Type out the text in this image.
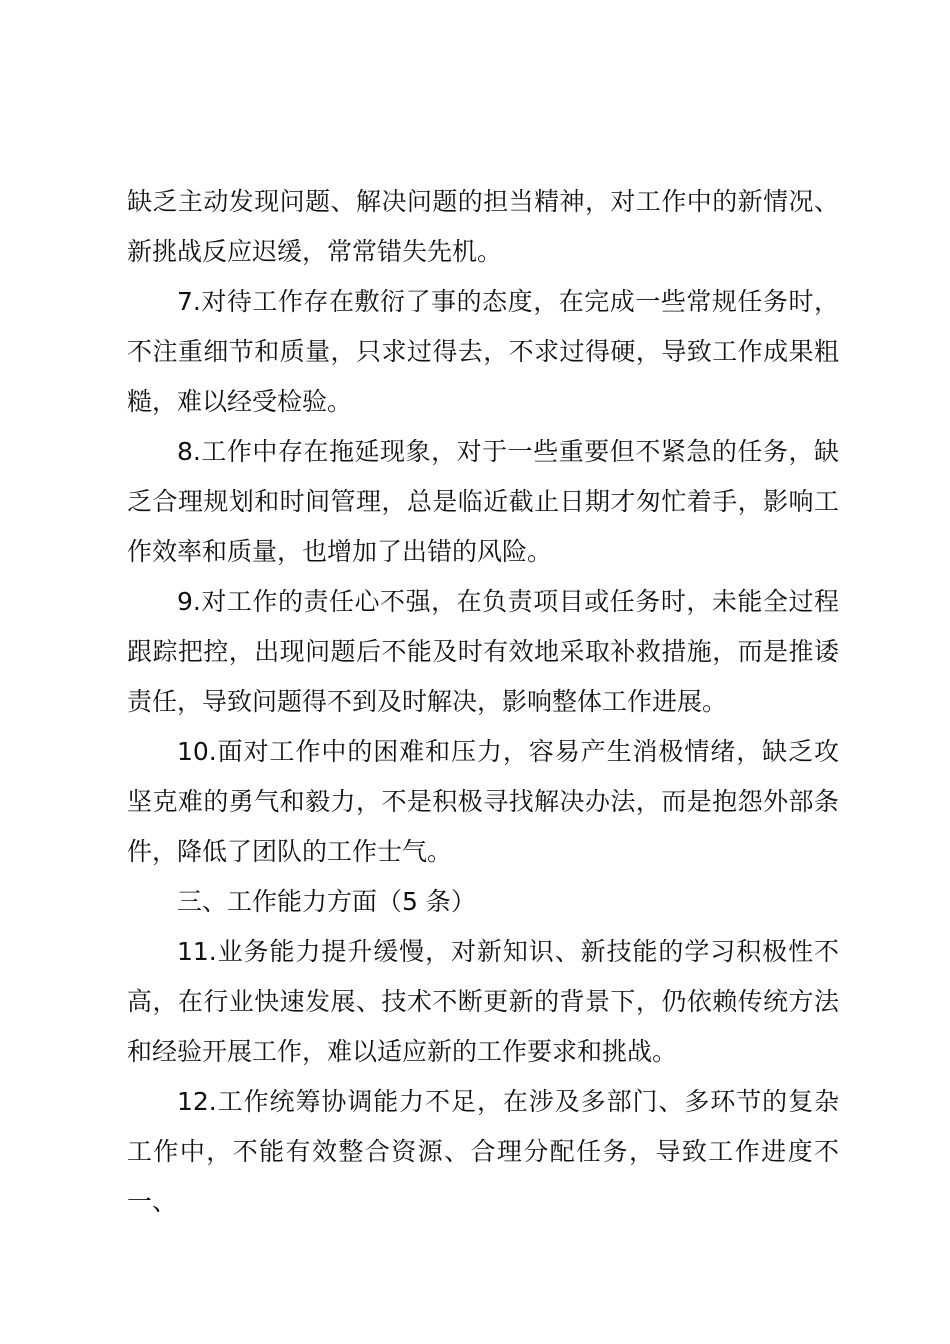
缺乏主动发现问题、解决问题的担当精神，对工作中的新情况、新挑战反应迟缓，常常错失先机。

7.对待工作存在敷衍了事的态度，在完成一些常规任务时，不注重细节和质量，只求过得去，不求过得硬，导致工作成果粗糙，难以经受检验。

8.工作中存在拖延现象，对于一些重要但不紧急的任务，缺乏合理规划和时间管理，总是临近截止日期才匆忙着手，影响工作效率和质量，也增加了出错的风险。

9.对工作的责任心不强，在负责项目或任务时，未能全过程跟踪把控，出现问题后不能及时有效地采取补救措施，而是推诿责任，导致问题得不到及时解决，影响整体工作进展。

10.面对工作中的困难和压力，容易产生消极情绪，缺乏攻坚克难的勇气和毅力，不是积极寻找解决办法，而是抱怨外部条件，降低了团队的工作士气。

三、工作能力方面（5 条）

11.业务能力提升缓慢，对新知识、新技能的学习积极性不高，在行业快速发展、技术不断更新的背景下，仍依赖传统方法和经验开展工作，难以适应新的工作要求和挑战。

12.工作统筹协调能力不足，在涉及多部门、多环节的复杂工作中，不能有效整合资源、合理分配任务，导致工作进度不一、
